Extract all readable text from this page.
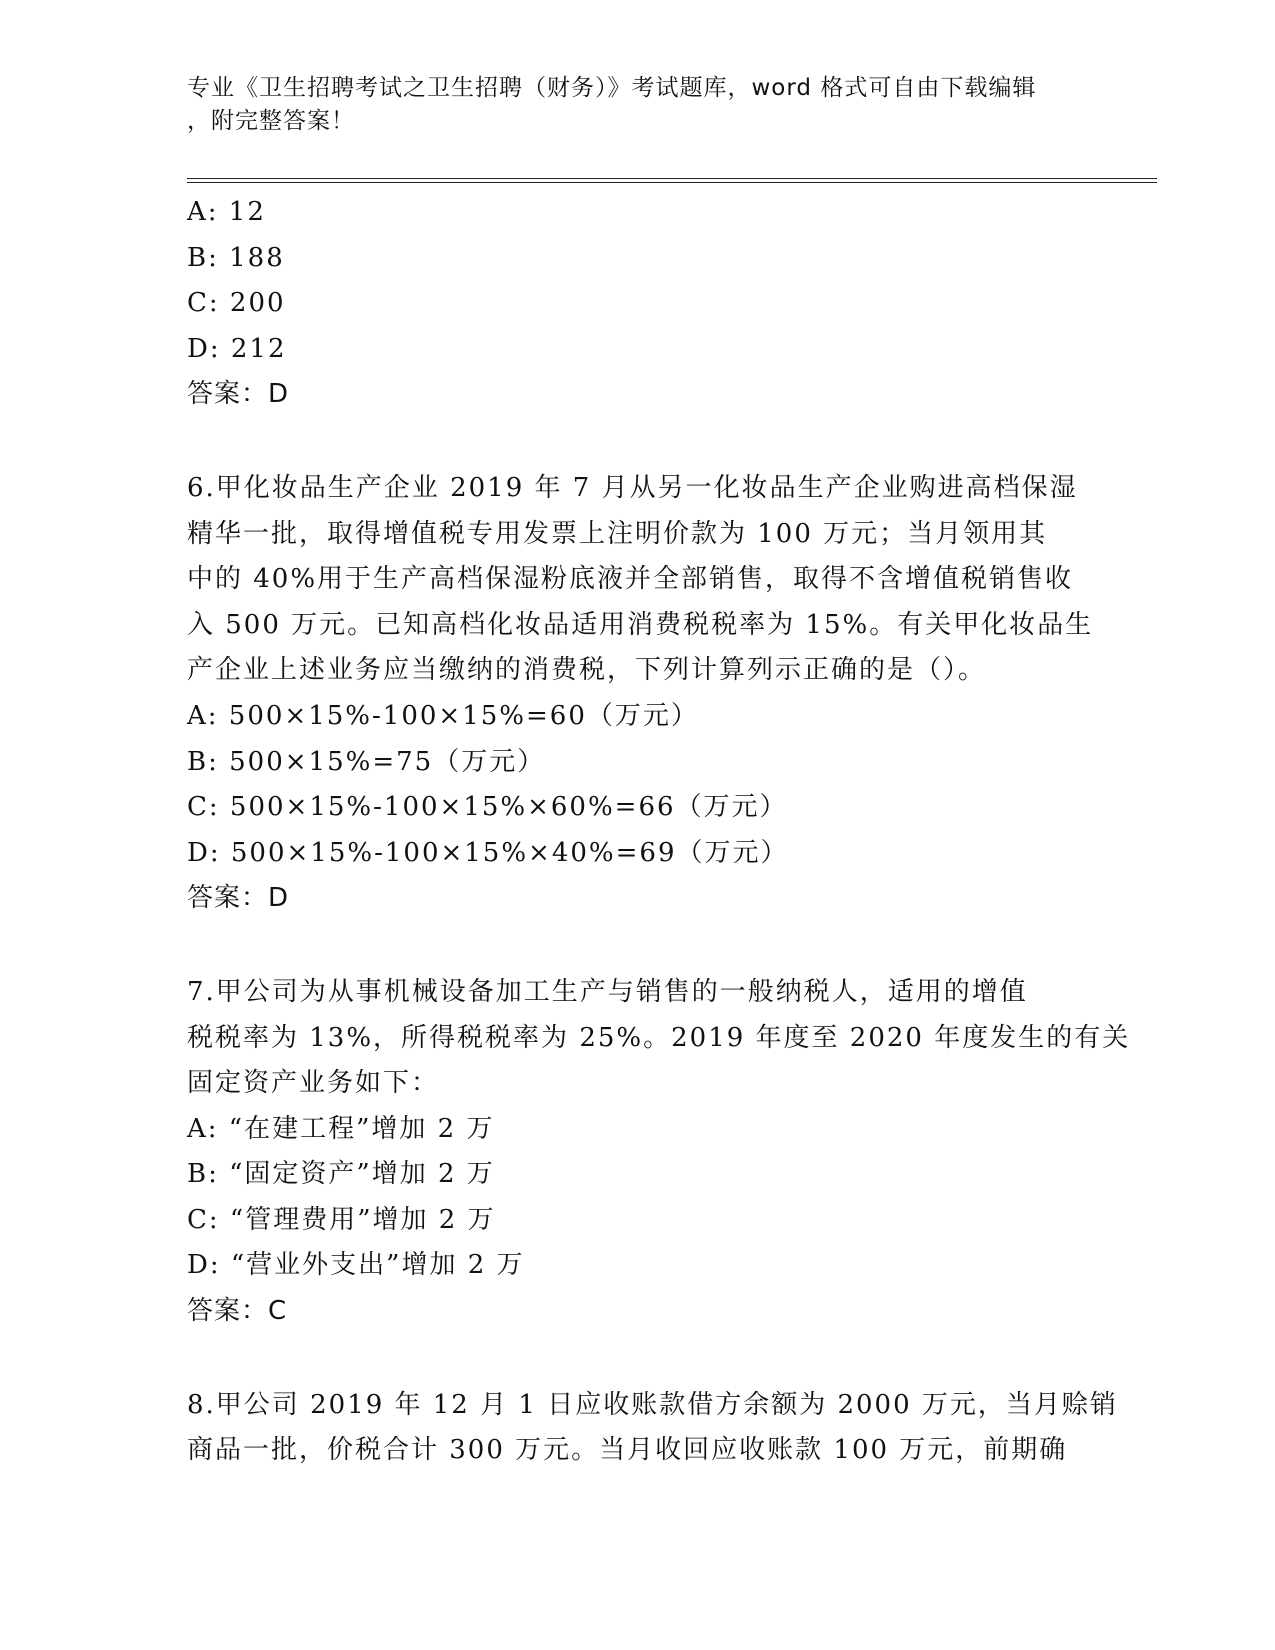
专业《卫生招聘考试之卫生招聘（财务）》考试题库，word 格式可自由下载编辑
，附完整答案！
A: 12
B: 188
C: 200
D: 212
答案：D
6.甲化妆品生产企业 2019 年 7 月从另一化妆品生产企业购进高档保湿
精华一批，取得增值税专用发票上注明价款为 100 万元；当月领用其
中的 40%用于生产高档保湿粉底液并全部销售，取得不含增值税销售收
入 500 万元。已知高档化妆品适用消费税税率为 15%。有关甲化妆品生
产企业上述业务应当缴纳的消费税，下列计算列示正确的是（）。
A: 500×15%-100×15%=60（万元）
B: 500×15%=75（万元）
C: 500×15%-100×15%×60%=66（万元）
D: 500×15%-100×15%×40%=69（万元）
答案：D
7.甲公司为从事机械设备加工生产与销售的一般纳税人，适用的增值
税税率为 13%，所得税税率为 25%。2019 年度至 2020 年度发生的有关
固定资产业务如下：
A: “在建工程”增加 2 万
B: “固定资产”增加 2 万
C: “管理费用”增加 2 万
D: “营业外支出”增加 2 万
答案：C
8.甲公司 2019 年 12 月 1 日应收账款借方余额为 2000 万元，当月赊销
商品一批，价税合计 300 万元。当月收回应收账款 100 万元，前期确
